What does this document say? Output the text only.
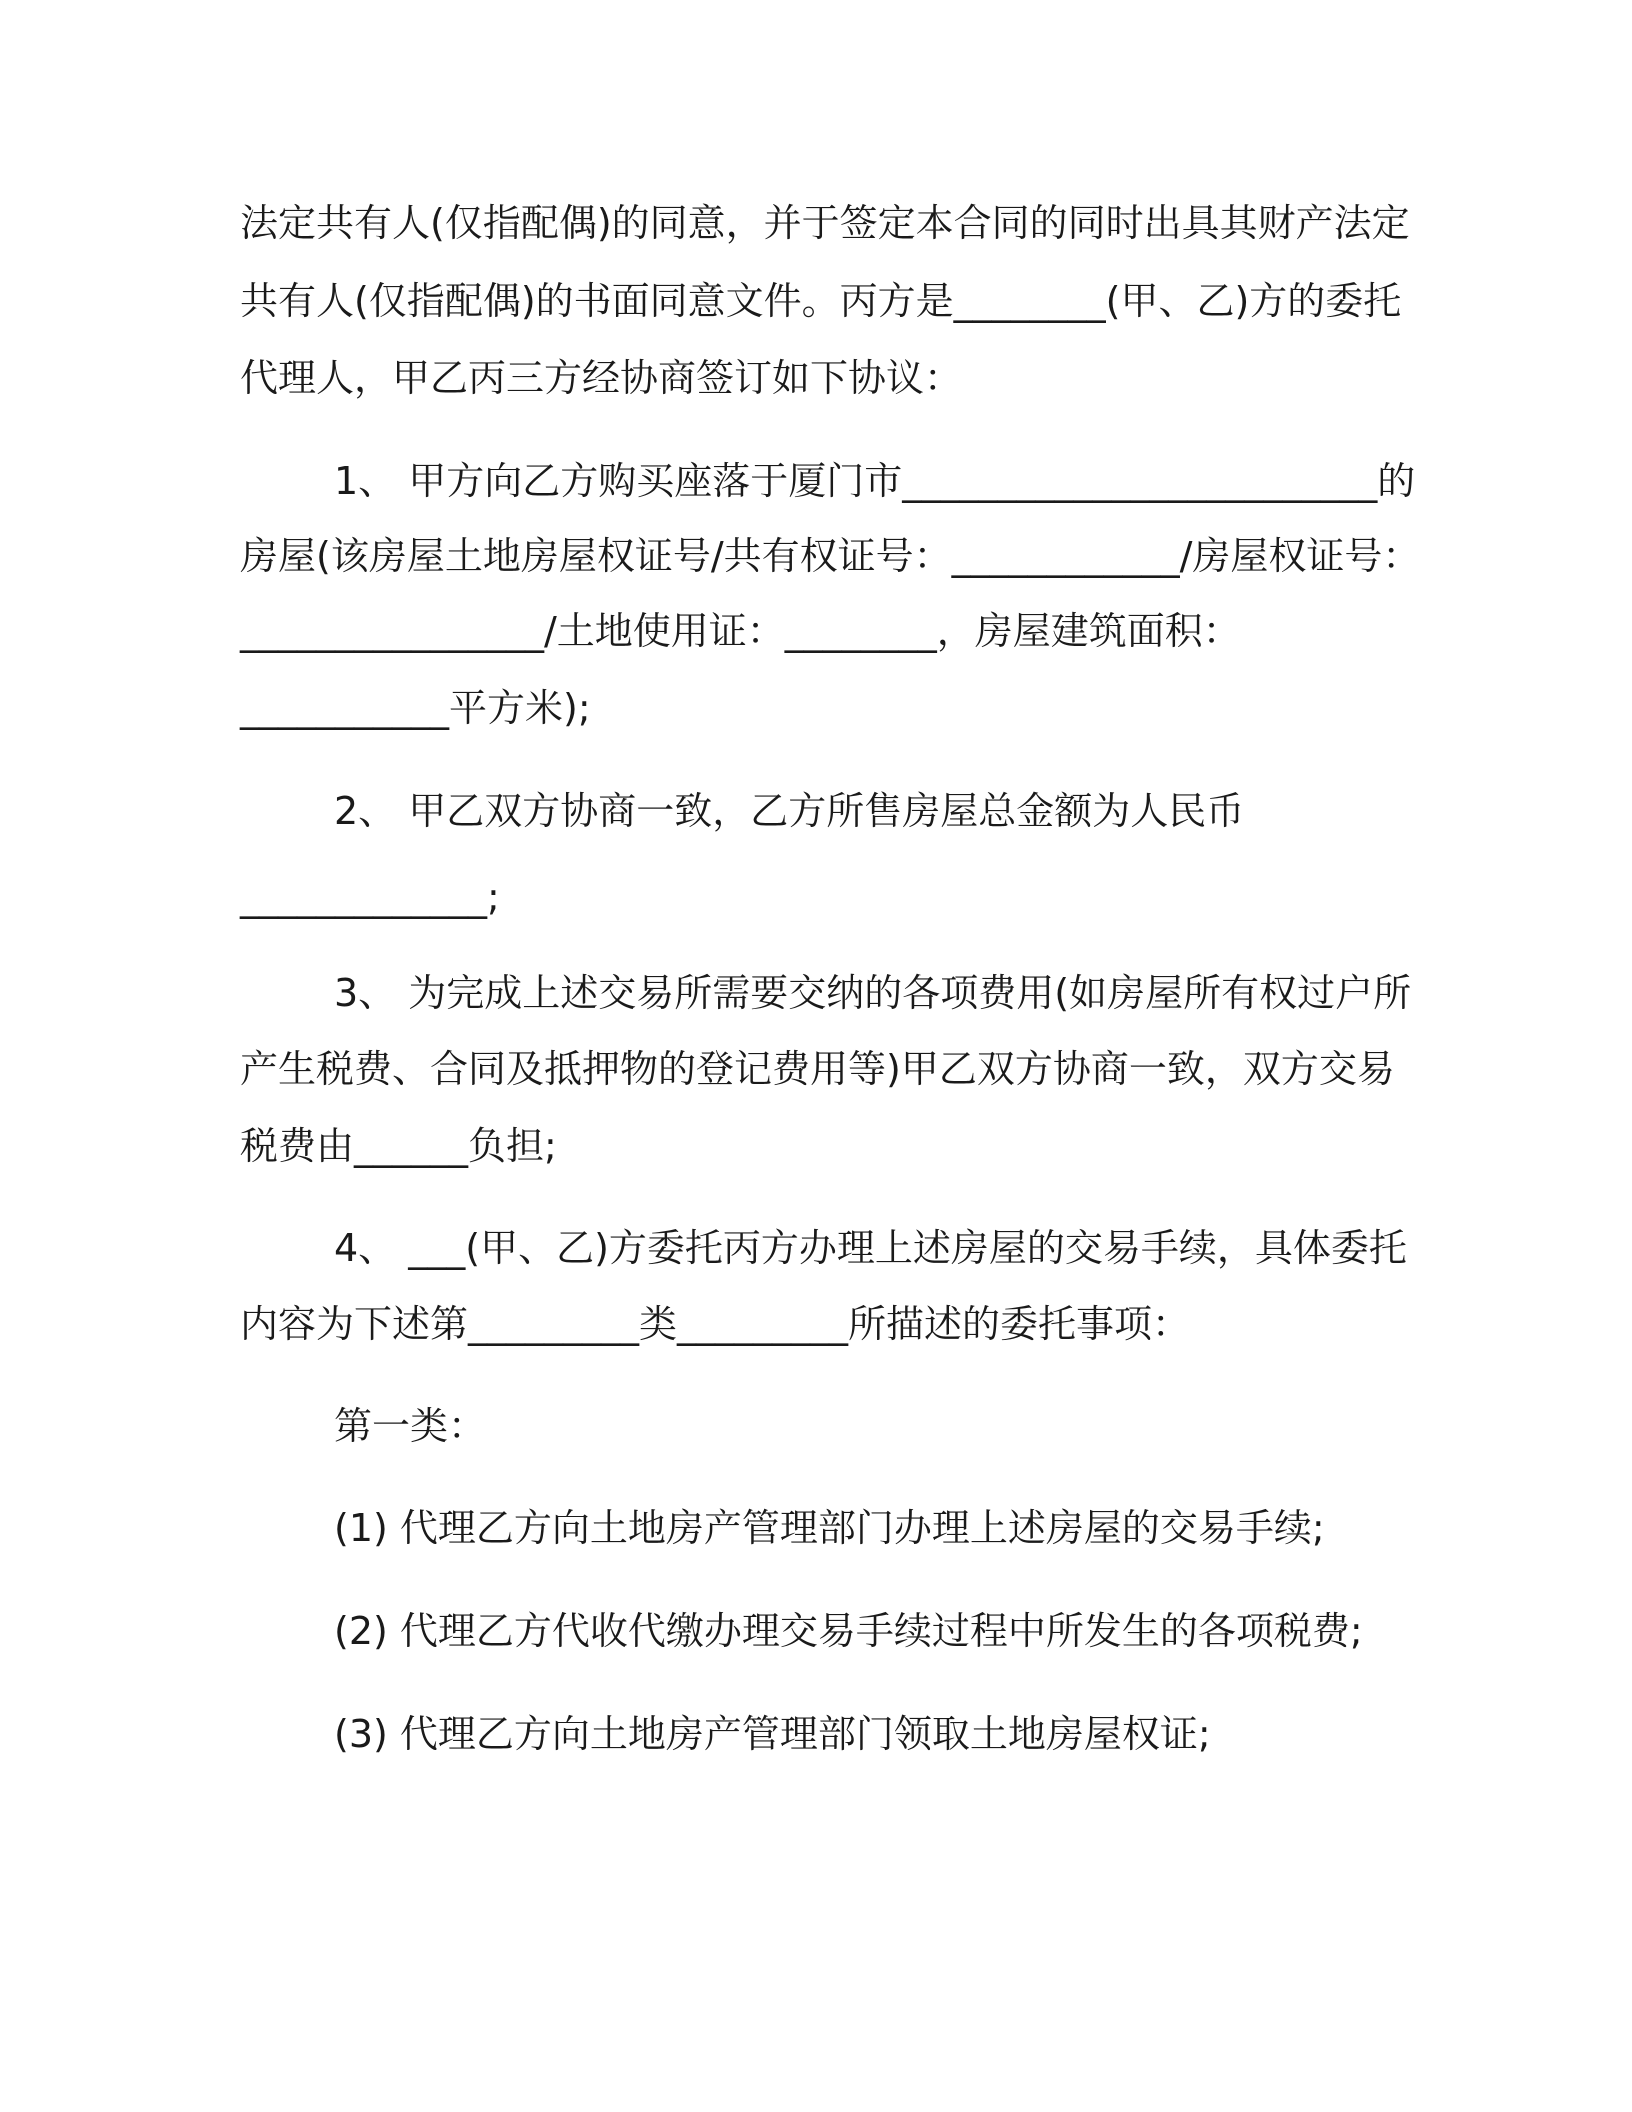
法定共有人(仅指配偶)的同意，并于签定本合同的同时出具其财产法定
共有人(仅指配偶)的书面同意文件。丙方是________(甲、乙)方的委托
代理人，甲乙丙三方经协商签订如下协议：
1、 甲方向乙方购买座落于厦门市_________________________的
房屋(该房屋土地房屋权证号/共有权证号：____________/房屋权证号：
________________/土地使用证：________，房屋建筑面积：
___________平方米);
2、 甲乙双方协商一致，乙方所售房屋总金额为人民币
_____________;
3、 为完成上述交易所需要交纳的各项费用(如房屋所有权过户所
产生税费、合同及抵押物的登记费用等)甲乙双方协商一致，双方交易
税费由______负担;
4、 ___(甲、乙)方委托丙方办理上述房屋的交易手续，具体委托
内容为下述第_________类_________所描述的委托事项：
第一类：
(1) 代理乙方向土地房产管理部门办理上述房屋的交易手续;
(2) 代理乙方代收代缴办理交易手续过程中所发生的各项税费;
(3) 代理乙方向土地房产管理部门领取土地房屋权证;
